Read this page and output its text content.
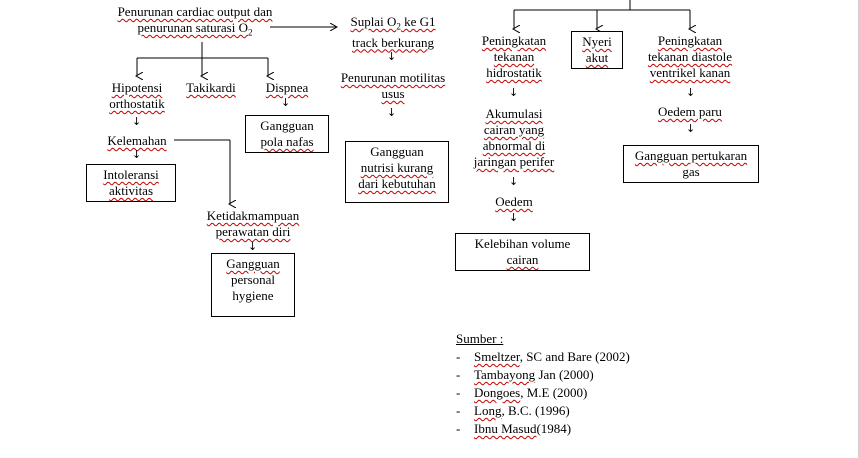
Penurunan cardiac output dan
penurunan saturasi $O_2$
Suplai $O_2$ ke G1
track berkurang
↓
Penurunan motilitas
usus
↓
Gangguan
nutrisi kurang
dari kebutuhan
Hipotensi
orthostatik
↓
Takikardi	Dispnea
↓
Gangguan
pola nafas
Kelemahan
↓
Intoleransi
aktivitas
Ketidakmampuan
perawatan diri
↓
Gangguan
personal
hygiene
Peningkatan
tekanan
hidrostatik
↓
Nyeri
akut
Peningkatan
tekanan diastole
ventrikel kanan
↓
Oedem paru
↓
Gangguan pertukaran
gas
Akumulasi
cairan yang
abnormal di
jaringan perifer
↓
Oedem
↓
Kelebihan volume
cairan
Sumber :
- Smeltzer, SC and Bare (2002)
- Tambayong Jan (2000)
- Dongoes, M.E (2000)
- Long, B.C. (1996)
- Ibnu Masud(1984)
